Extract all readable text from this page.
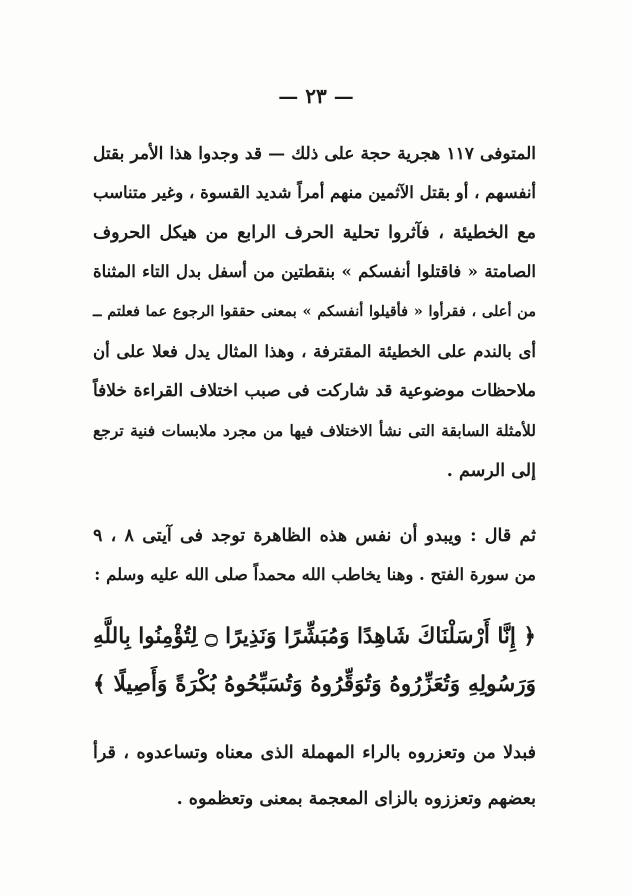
— ٢٣ —
المتوفى ١١٧ هجرية حجة على ذلك — قد وجدوا هذا الأمر بقتل
أنفسهم ، أو بقتل الآثمين منهم أمراً شديد القسوة ، وغير متناسب
مع الخطيئة ، فآثروا تحلية الحرف الرابع من هيكل الحروف
الصامتة « فاقتلوا أنفسكم » بنقطتين من أسفل بدل التاء المثناة
من أعلى ، فقرأوا « فأقيلوا أنفسكم » بمعنى حققوا الرجوع عما فعلتم ــ
أى بالندم على الخطيئة المقترفة ، وهذا المثال يدل فعلا على أن
ملاحظات موضوعية قد شاركت فى صبب اختلاف القراءة خلافاً
للأمثلة السابقة التى نشأ الاختلاف فيها من مجرد ملابسات فنية ترجع
إلى الرسم .
ثم قال : ويبدو أن نفس هذه الظاهرة توجد فى آيتى ٨ ، ٩
من سورة الفتح . وهنا يخاطب الله محمداً صلى الله عليه وسلم :
﴿ إِنَّا أَرْسَلْنَاكَ شَاهِدًا وَمُبَشِّرًا وَنَذِيرًا ۝ لِتُؤْمِنُوا بِاللَّهِ
وَرَسُولِهِ وَتُعَزِّرُوهُ وَتُوَقِّرُوهُ وَتُسَبِّحُوهُ بُكْرَةً وَأَصِيلًا ﴾
فبدلا من وتعزروه بالراء المهملة الذى معناه وتساعدوه ، قرأ
بعضهم وتعززوه بالزاى المعجمة بمعنى وتعظموه .
